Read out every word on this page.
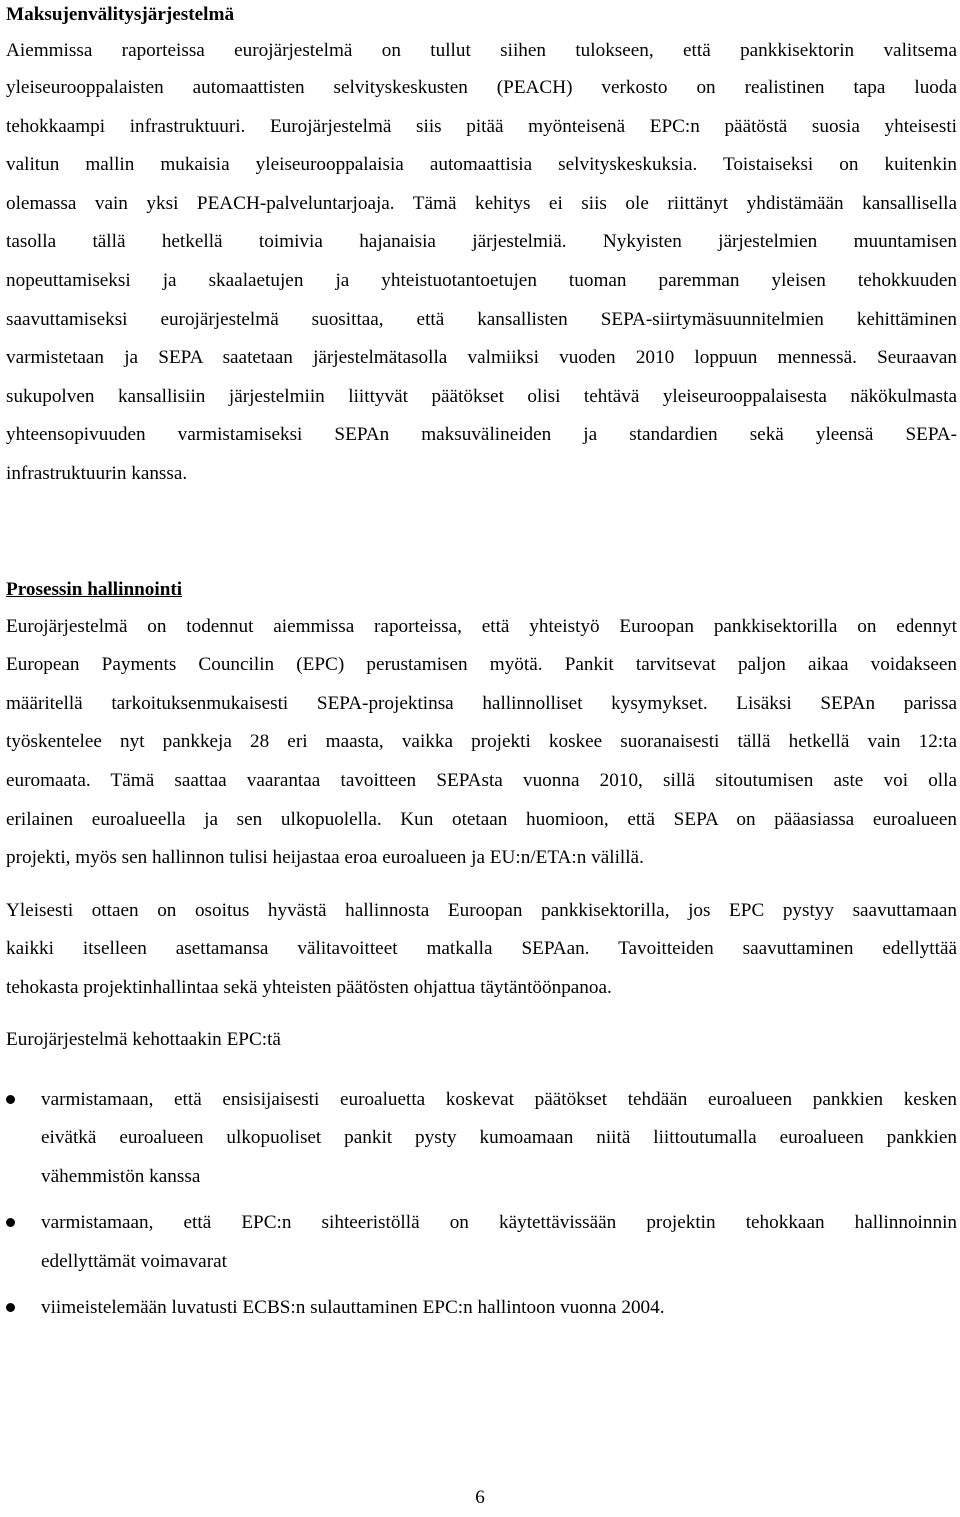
Maksujenvälitysjärjestelmä
Aiemmissa raporteissa eurojärjestelmä on tullut siihen tulokseen, että pankkisektorin valitsema
yleiseurooppalaisten automaattisten selvityskeskusten (PEACH) verkosto on realistinen tapa luoda
tehokkaampi infrastruktuuri. Eurojärjestelmä siis pitää myönteisenä EPC:n päätöstä suosia yhteisesti
valitun mallin mukaisia yleiseurooppalaisia automaattisia selvityskeskuksia. Toistaiseksi on kuitenkin
olemassa vain yksi PEACH-palveluntarjoaja. Tämä kehitys ei siis ole riittänyt yhdistämään kansallisella
tasolla tällä hetkellä toimivia hajanaisia järjestelmiä. Nykyisten järjestelmien muuntamisen
nopeuttamiseksi ja skaalaetujen ja yhteistuotantoetujen tuoman paremman yleisen tehokkuuden
saavuttamiseksi eurojärjestelmä suosittaa, että kansallisten SEPA-siirtymäsuunnitelmien kehittäminen
varmistetaan ja SEPA saatetaan järjestelmätasolla valmiiksi vuoden 2010 loppuun mennessä. Seuraavan
sukupolven kansallisiin järjestelmiin liittyvät päätökset olisi tehtävä yleiseurooppalaisesta näkökulmasta
yhteensopivuuden varmistamiseksi SEPAn maksuvälineiden ja standardien sekä yleensä SEPA-
infrastruktuurin kanssa.
Prosessin hallinnointi
Eurojärjestelmä on todennut aiemmissa raporteissa, että yhteistyö Euroopan pankkisektorilla on edennyt
European Payments Councilin (EPC) perustamisen myötä. Pankit tarvitsevat paljon aikaa voidakseen
määritellä tarkoituksenmukaisesti SEPA-projektinsa hallinnolliset kysymykset. Lisäksi SEPAn parissa
työskentelee nyt pankkeja 28 eri maasta, vaikka projekti koskee suoranaisesti tällä hetkellä vain 12:ta
euromaata. Tämä saattaa vaarantaa tavoitteen SEPAsta vuonna 2010, sillä sitoutumisen aste voi olla
erilainen euroalueella ja sen ulkopuolella. Kun otetaan huomioon, että SEPA on pääasiassa euroalueen
projekti, myös sen hallinnon tulisi heijastaa eroa euroalueen ja EU:n/ETA:n välillä.
Yleisesti ottaen on osoitus hyvästä hallinnosta Euroopan pankkisektorilla, jos EPC pystyy saavuttamaan
kaikki itselleen asettamansa välitavoitteet matkalla SEPAan. Tavoitteiden saavuttaminen edellyttää
tehokasta projektinhallintaa sekä yhteisten päätösten ohjattua täytäntöönpanoa.
Eurojärjestelmä kehottaakin EPC:tä
varmistamaan, että ensisijaisesti euroaluetta koskevat päätökset tehdään euroalueen pankkien kesken
eivätkä euroalueen ulkopuoliset pankit pysty kumoamaan niitä liittoutumalla euroalueen pankkien
vähemmistön kanssa
varmistamaan, että EPC:n sihteeristöllä on käytettävissään projektin tehokkaan hallinnoinnin
edellyttämät voimavarat
viimeistelemään luvatusti ECBS:n sulauttaminen EPC:n hallintoon vuonna 2004.
6
